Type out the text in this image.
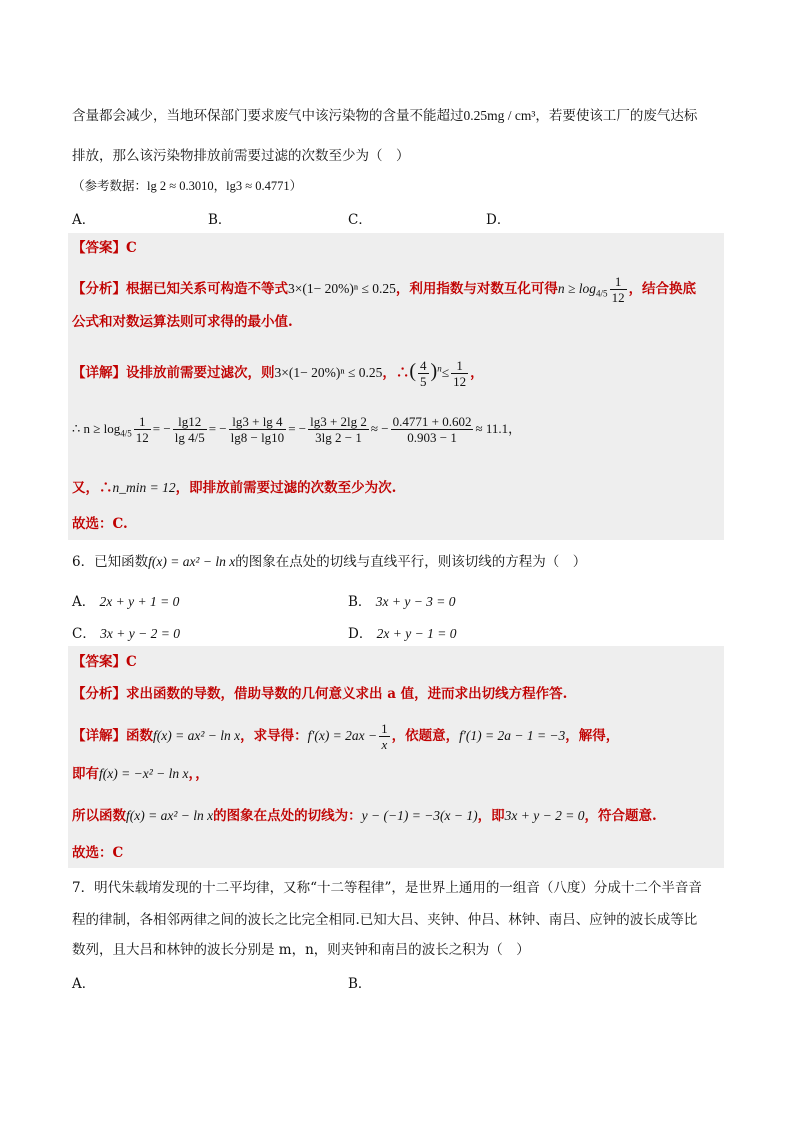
含量都会减少，当地环保部门要求废气中该污染物的含量不能超过0.25mg / cm³，若要使该工厂的废气达标
排放，那么该污染物排放前需要过滤的次数至少为（　）
（参考数据：lg 2 ≈ 0.3010，lg3 ≈ 0.4771）
A．	B．	C．	D．
【答案】C
【分析】根据已知关系可构造不等式3×(1− 20%)ⁿ ≤ 0.25，利用指数与对数互化可得$n \ge \log_{4/5} \frac{1}{12}$ ，结合换底
公式和对数运算法则可求得的最小值.
【详解】设排放前需要过滤次，则3×(1− 20%)ⁿ ≤ 0.25，∴( $\frac{4}{5} )^n\le \frac{1}{12}$ ，
∴ $n \ge \log_{4/5} \frac{1}{12}$ = − $\frac{\lg 12}{\lg 4/5}$ = − $\frac{\lg 3 + \lg 4}{\lg 8 - \lg 10}$ = − $\frac{\lg 3 + 2\lg 2}{3\lg 2 - 1}$ ≈ − $\frac{0.4771 + 0.602}{0.903 - 1} \approx 11.1$，
又，∴n_min = 12，即排放前需要过滤的次数至少为次.
故选：C.
6．已知函数f(x) = ax² − ln x的图象在点处的切线与直线平行，则该切线的方程为（　）
A． 2x + y + 1 = 0	B． 3x + y − 3 = 0
C． 3x + y − 2 = 0	D． 2x + y − 1 = 0
【答案】C
【分析】求出函数的导数，借助导数的几何意义求出 a 值，进而求出切线方程作答.
【详解】函数f(x) = ax² − ln x，求导得：$f'(x) = 2ax - \frac{1}{x}$ ，依题意，f′(1) = 2a − 1 = −3，解得，
即有f(x) = −x² − ln x，，
所以函数f(x) = ax² − ln x的图象在点处的切线为：y − (−1) = −3(x − 1)，即3x + y − 2 = 0，符合题意.
故选：C
7．明代朱载堉发现的十二平均律，又称“十二等程律”，是世界上通用的一组音（八度）分成十二个半音音
程的律制，各相邻两律之间的波长之比完全相同.已知大吕、夹钟、仲吕、林钟、南吕、应钟的波长成等比
数列，且大吕和林钟的波长分别是 m，n，则夹钟和南吕的波长之积为（　）
A．	B．
